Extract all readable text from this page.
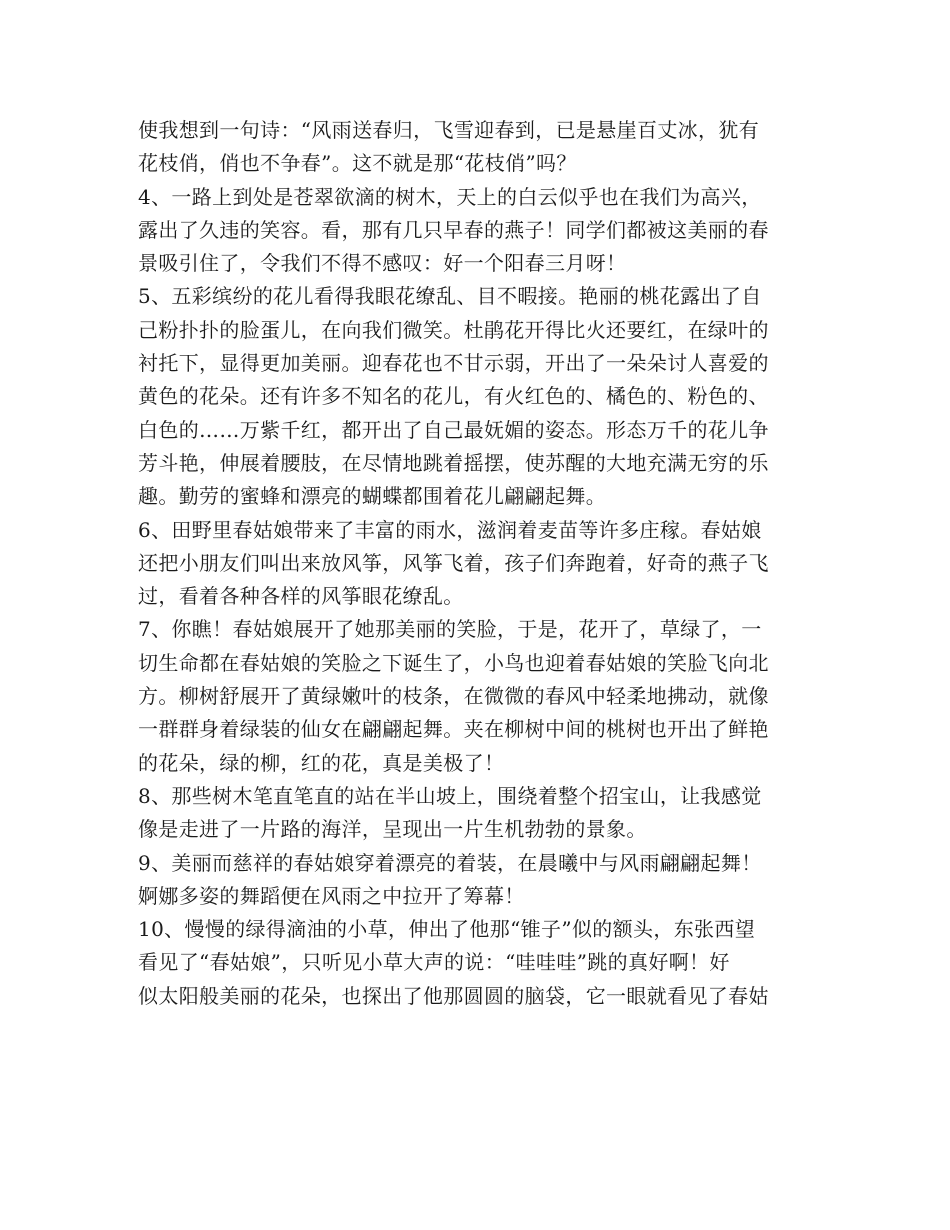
使我想到一句诗：“风雨送春归，飞雪迎春到，已是悬崖百丈冰，犹有
花枝俏，俏也不争春”。这不就是那“花枝俏”吗？
4、一路上到处是苍翠欲滴的树木，天上的白云似乎也在我们为高兴，
露出了久违的笑容。看，那有几只早春的燕子！同学们都被这美丽的春
景吸引住了，令我们不得不感叹：好一个阳春三月呀！
5、五彩缤纷的花儿看得我眼花缭乱、目不暇接。艳丽的桃花露出了自
己粉扑扑的脸蛋儿，在向我们微笑。杜鹃花开得比火还要红，在绿叶的
衬托下，显得更加美丽。迎春花也不甘示弱，开出了一朵朵讨人喜爱的
黄色的花朵。还有许多不知名的花儿，有火红色的、橘色的、粉色的、
白色的……万紫千红，都开出了自己最妩媚的姿态。形态万千的花儿争
芳斗艳，伸展着腰肢，在尽情地跳着摇摆，使苏醒的大地充满无穷的乐
趣。勤劳的蜜蜂和漂亮的蝴蝶都围着花儿翩翩起舞。
6、田野里春姑娘带来了丰富的雨水，滋润着麦苗等许多庄稼。春姑娘
还把小朋友们叫出来放风筝，风筝飞着，孩子们奔跑着，好奇的燕子飞
过，看着各种各样的风筝眼花缭乱。
7、你瞧！春姑娘展开了她那美丽的笑脸，于是，花开了，草绿了，一
切生命都在春姑娘的笑脸之下诞生了，小鸟也迎着春姑娘的笑脸飞向北
方。柳树舒展开了黄绿嫩叶的枝条，在微微的春风中轻柔地拂动，就像
一群群身着绿装的仙女在翩翩起舞。夹在柳树中间的桃树也开出了鲜艳
的花朵，绿的柳，红的花，真是美极了！
8、那些树木笔直笔直的站在半山坡上，围绕着整个招宝山，让我感觉
像是走进了一片路的海洋，呈现出一片生机勃勃的景象。
9、美丽而慈祥的春姑娘穿着漂亮的着装，在晨曦中与风雨翩翩起舞！
婀娜多姿的舞蹈便在风雨之中拉开了筹幕！
10、慢慢的绿得滴油的小草，伸出了他那“锥子”似的额头，东张西望
看见了“春姑娘”，只听见小草大声的说：“哇哇哇”跳的真好啊！好
似太阳般美丽的花朵，也探出了他那圆圆的脑袋，它一眼就看见了春姑
